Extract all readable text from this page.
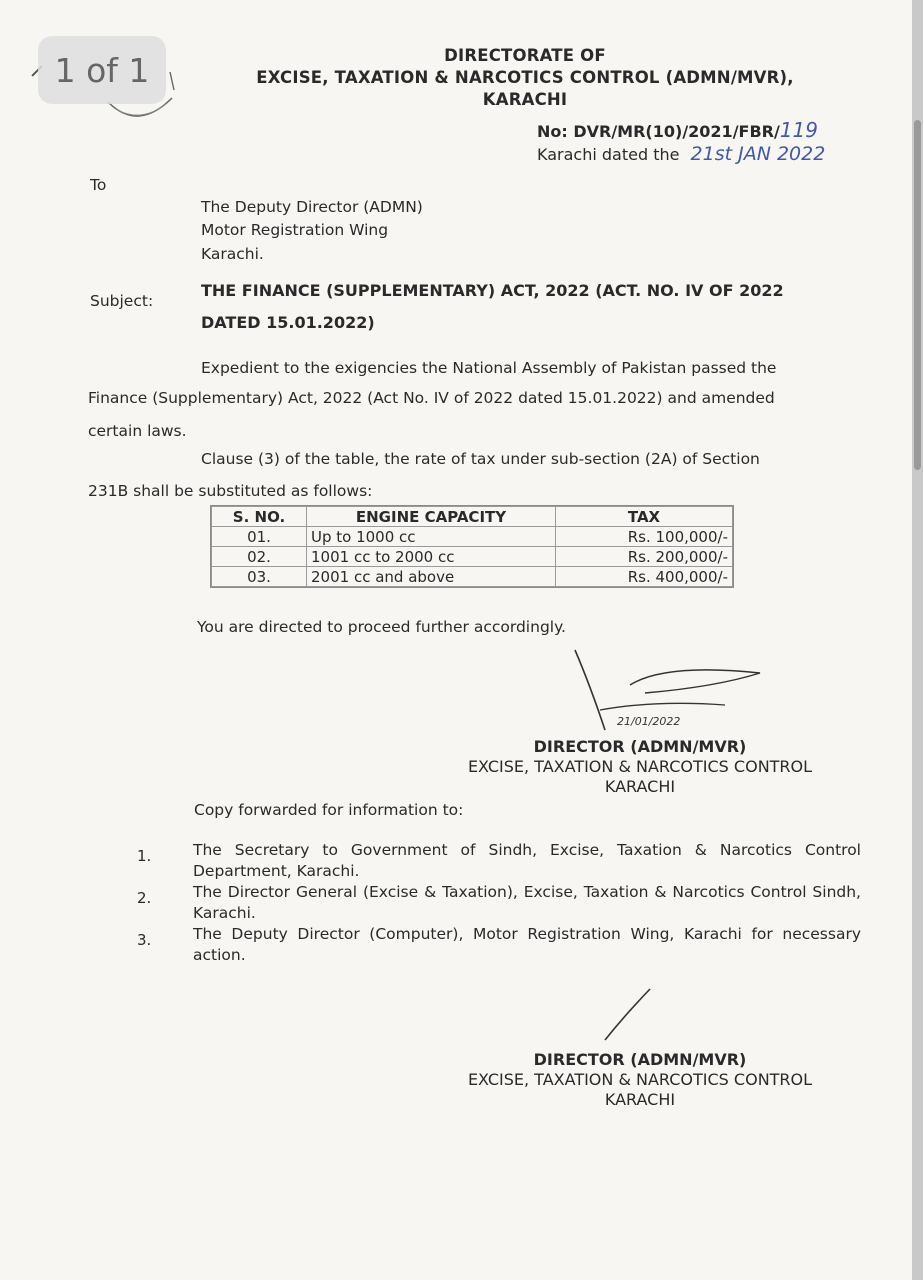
DIRECTORATE OF
EXCISE, TAXATION & NARCOTICS CONTROL (ADMN/MVR),
KARACHI
No: DVR/MR(10)/2021/FBR/119
Karachi dated the 21st JAN 2022
To
The Deputy Director (ADMN)
Motor Registration Wing
Karachi.
Subject:
THE FINANCE (SUPPLEMENTARY) ACT, 2022 (ACT. NO. IV OF 2022
DATED 15.01.2022)
Expedient to the exigencies the National Assembly of Pakistan passed the
Finance (Supplementary) Act, 2022 (Act No. IV of 2022 dated 15.01.2022) and amended
certain laws.
Clause (3) of the table, the rate of tax under sub-section (2A) of Section
231B shall be substituted as follows:
S. NO.	ENGINE CAPACITY	TAX
01.	Up to 1000 cc	Rs. 100,000/-
02.	1001 cc to 2000 cc	Rs. 200,000/-
03.	2001 cc and above	Rs. 400,000/-
You are directed to proceed further accordingly.
21/01/2022
DIRECTOR (ADMN/MVR)
EXCISE, TAXATION & NARCOTICS CONTROL
KARACHI
Copy forwarded for information to:
1.	The Secretary to Government of Sindh, Excise, Taxation & Narcotics Control Department, Karachi.
2.	The Director General (Excise & Taxation), Excise, Taxation & Narcotics Control Sindh, Karachi.
3.	The Deputy Director (Computer), Motor Registration Wing, Karachi for necessary action.
DIRECTOR (ADMN/MVR)
EXCISE, TAXATION & NARCOTICS CONTROL
KARACHI
1 of 1
